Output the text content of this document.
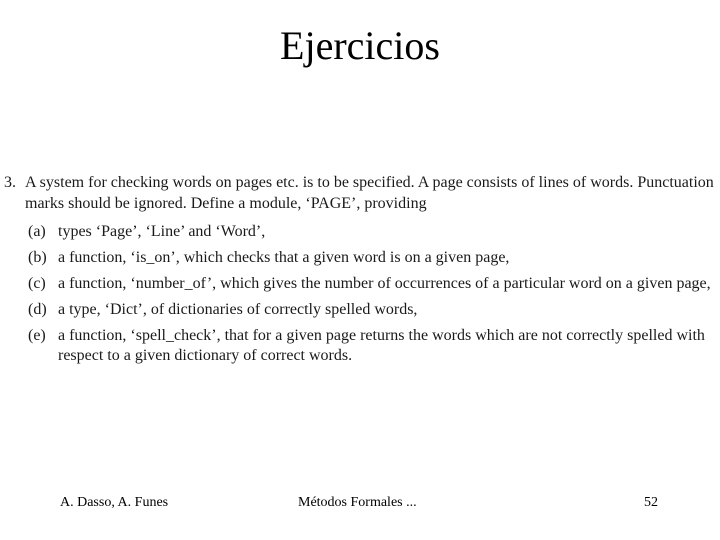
Ejercicios
3. A system for checking words on pages etc. is to be specified. A page consists of lines of words. Punctuation marks should be ignored. Define a module, ‘PAGE’, providing
(a) types ‘Page’, ‘Line’ and ‘Word’,
(b) a function, ‘is_on’, which checks that a given word is on a given page,
(c) a function, ‘number_of’, which gives the number of occurrences of a particular word on a given page,
(d) a type, ‘Dict’, of dictionaries of correctly spelled words,
(e) a function, ‘spell_check’, that for a given page returns the words which are not correctly spelled with respect to a given dictionary of correct words.
A. Dasso, A. Funes	Métodos Formales ...	52
